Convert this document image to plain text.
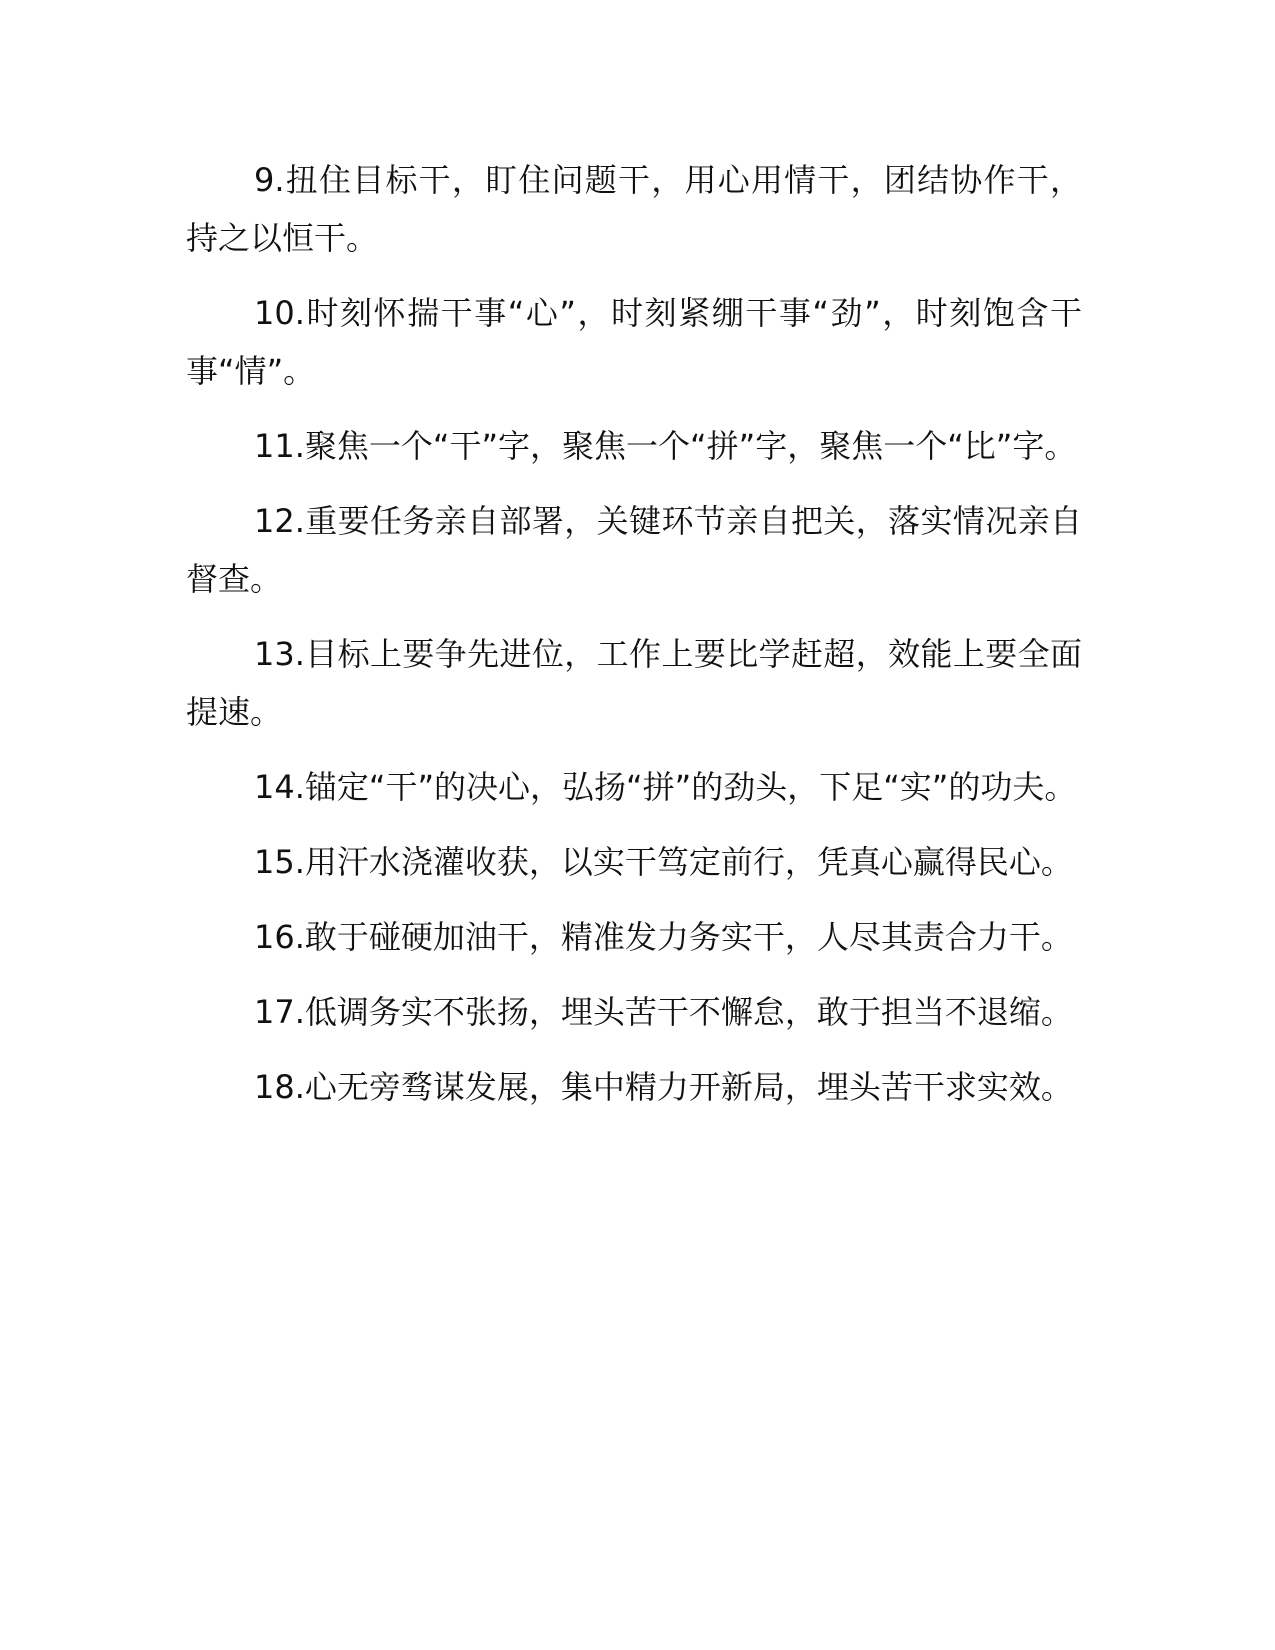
9.扭住目标干，盯住问题干，用心用情干，团结协作干，持之以恒干。

10.时刻怀揣干事“心”，时刻紧绷干事“劲”，时刻饱含干事“情”。

11.聚焦一个“干”字，聚焦一个“拼”字，聚焦一个“比”字。

12.重要任务亲自部署，关键环节亲自把关，落实情况亲自督查。

13.目标上要争先进位，工作上要比学赶超，效能上要全面提速。

14.锚定“干”的决心，弘扬“拼”的劲头，下足“实”的功夫。

15.用汗水浇灌收获，以实干笃定前行，凭真心赢得民心。

16.敢于碰硬加油干，精准发力务实干，人尽其责合力干。

17.低调务实不张扬，埋头苦干不懈怠，敢于担当不退缩。

18.心无旁骛谋发展，集中精力开新局，埋头苦干求实效。
